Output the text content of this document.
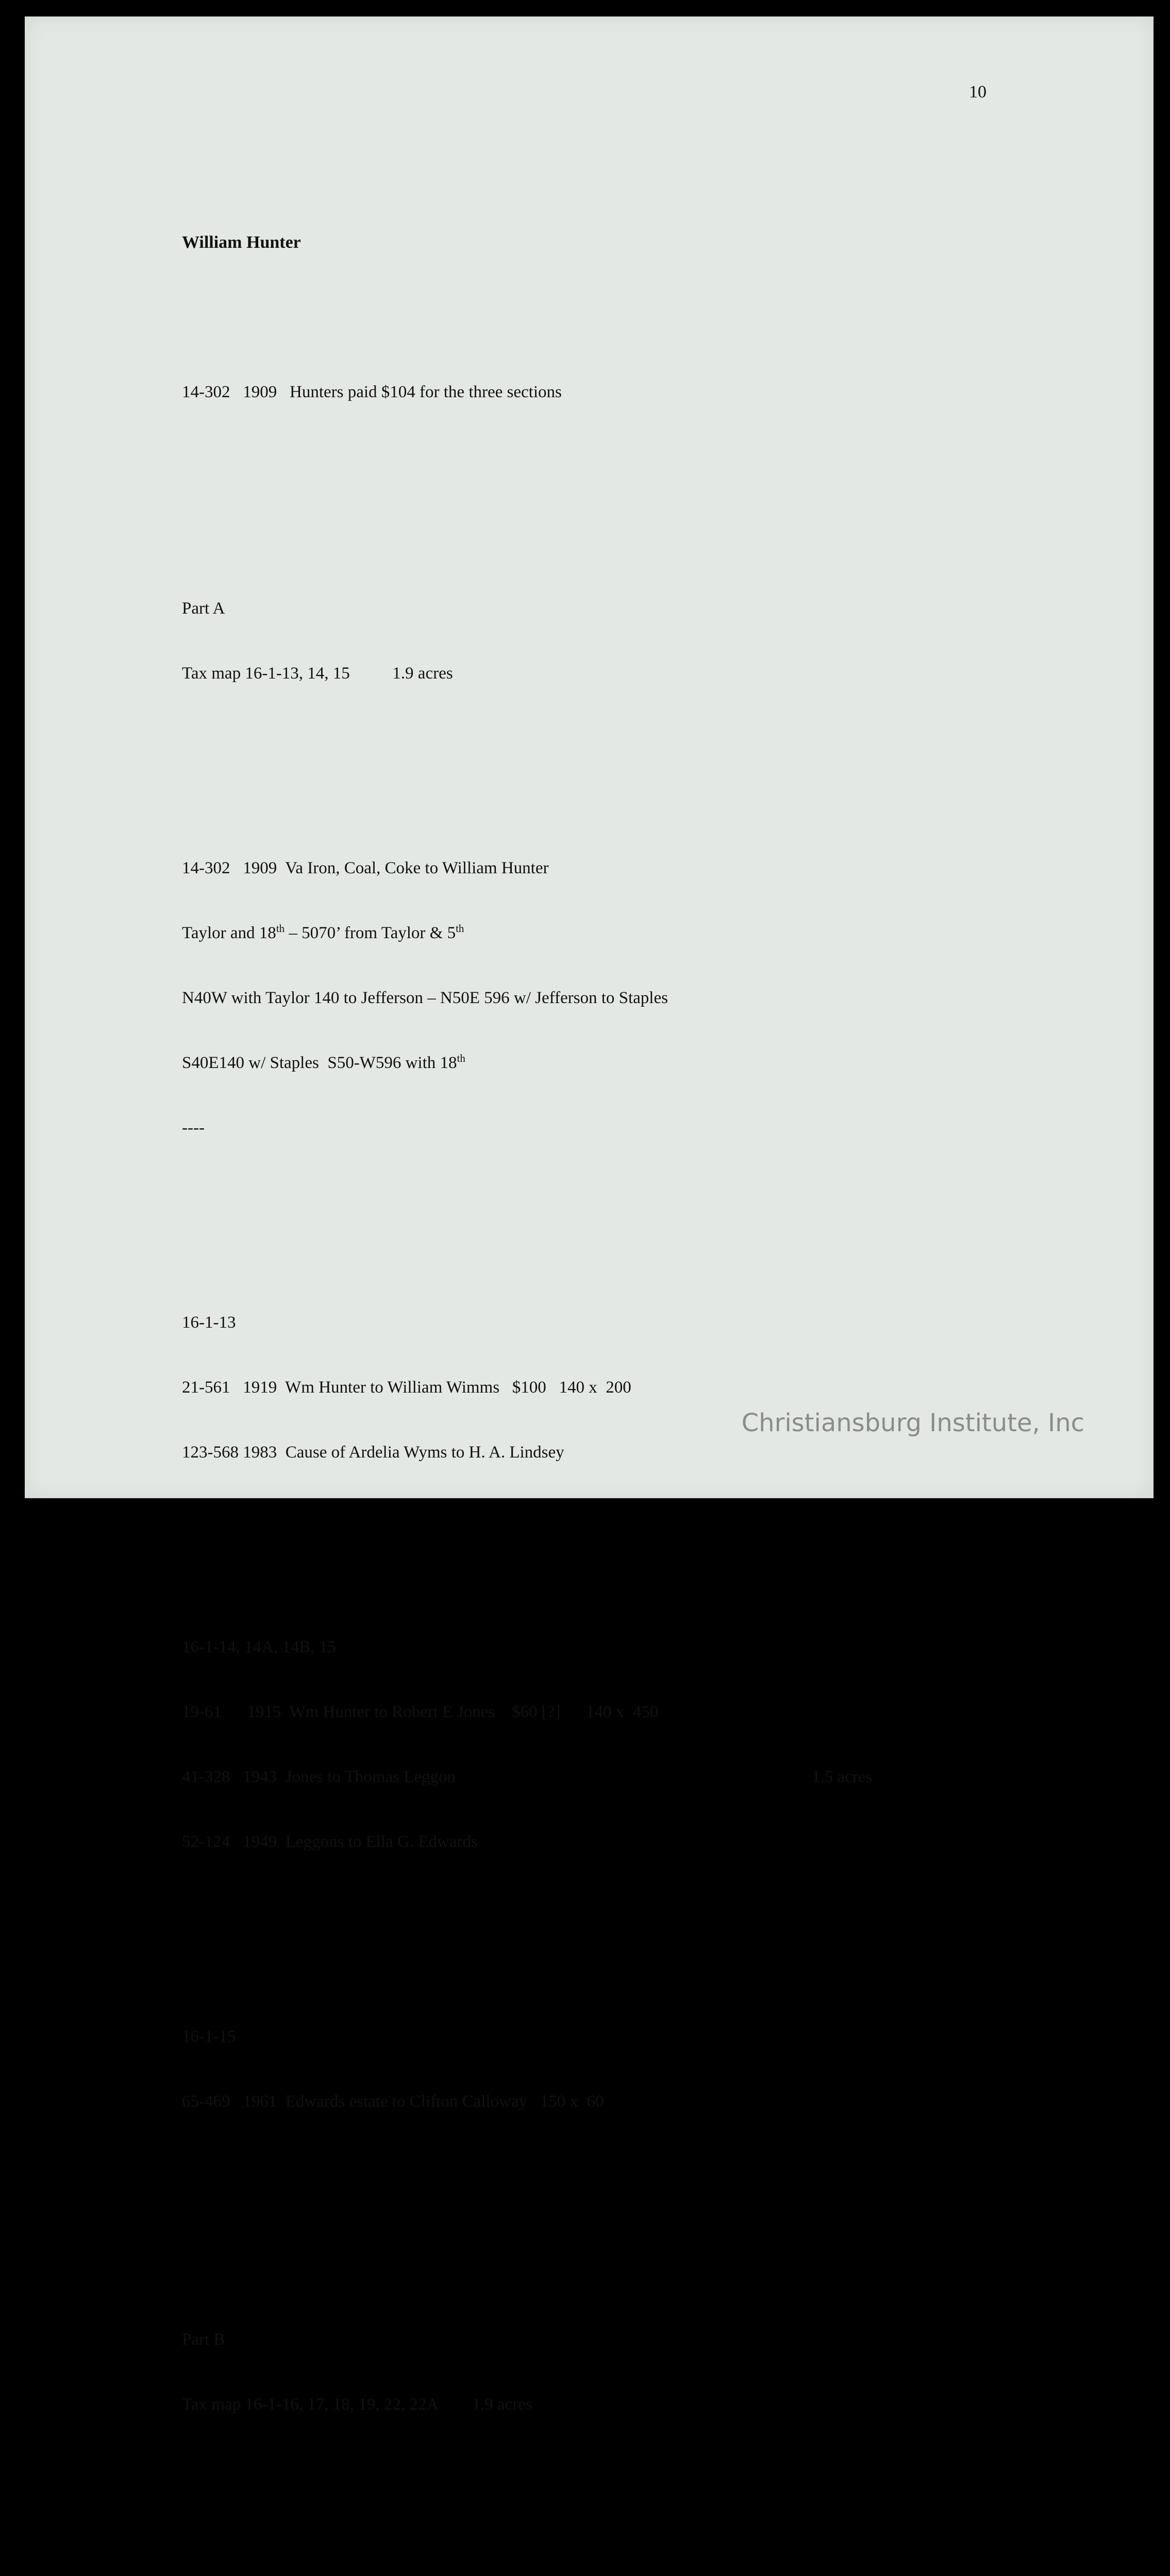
10

William Hunter

14-302   1909   Hunters paid $104 for the three sections

Part A

Tax map 16-1-13, 14, 15          1.9 acres

14-302   1909  Va Iron, Coal, Coke to William Hunter

Taylor and 18th – 5070’ from Taylor & 5th

N40W with Taylor 140 to Jefferson – N50E 596 w/ Jefferson to Staples

S40E140 w/ Staples  S50-W596 with 18th

----

16-1-13

21-561   1919  Wm Hunter to William Wimms   $100   140 x  200

123-568 1983  Cause of Ardelia Wyms to H. A. Lindsey

16-1-14, 14A, 14B, 15

19-61      1915  Wm Hunter to Robert E Jones    $60 [?]      140 x  450

41-328   1943  Jones to Thomas Leggon	1.5 acres

52-124   1949  Leggons to Ella G. Edwards

16-1-15

65-469   1961  Edwards estate to Clifton Calloway   150 x  60

Part B

Tax map 16-1-16, 17, 18, 19, 22, 22A        1.9 acres

Christiansburg Institute, Inc
